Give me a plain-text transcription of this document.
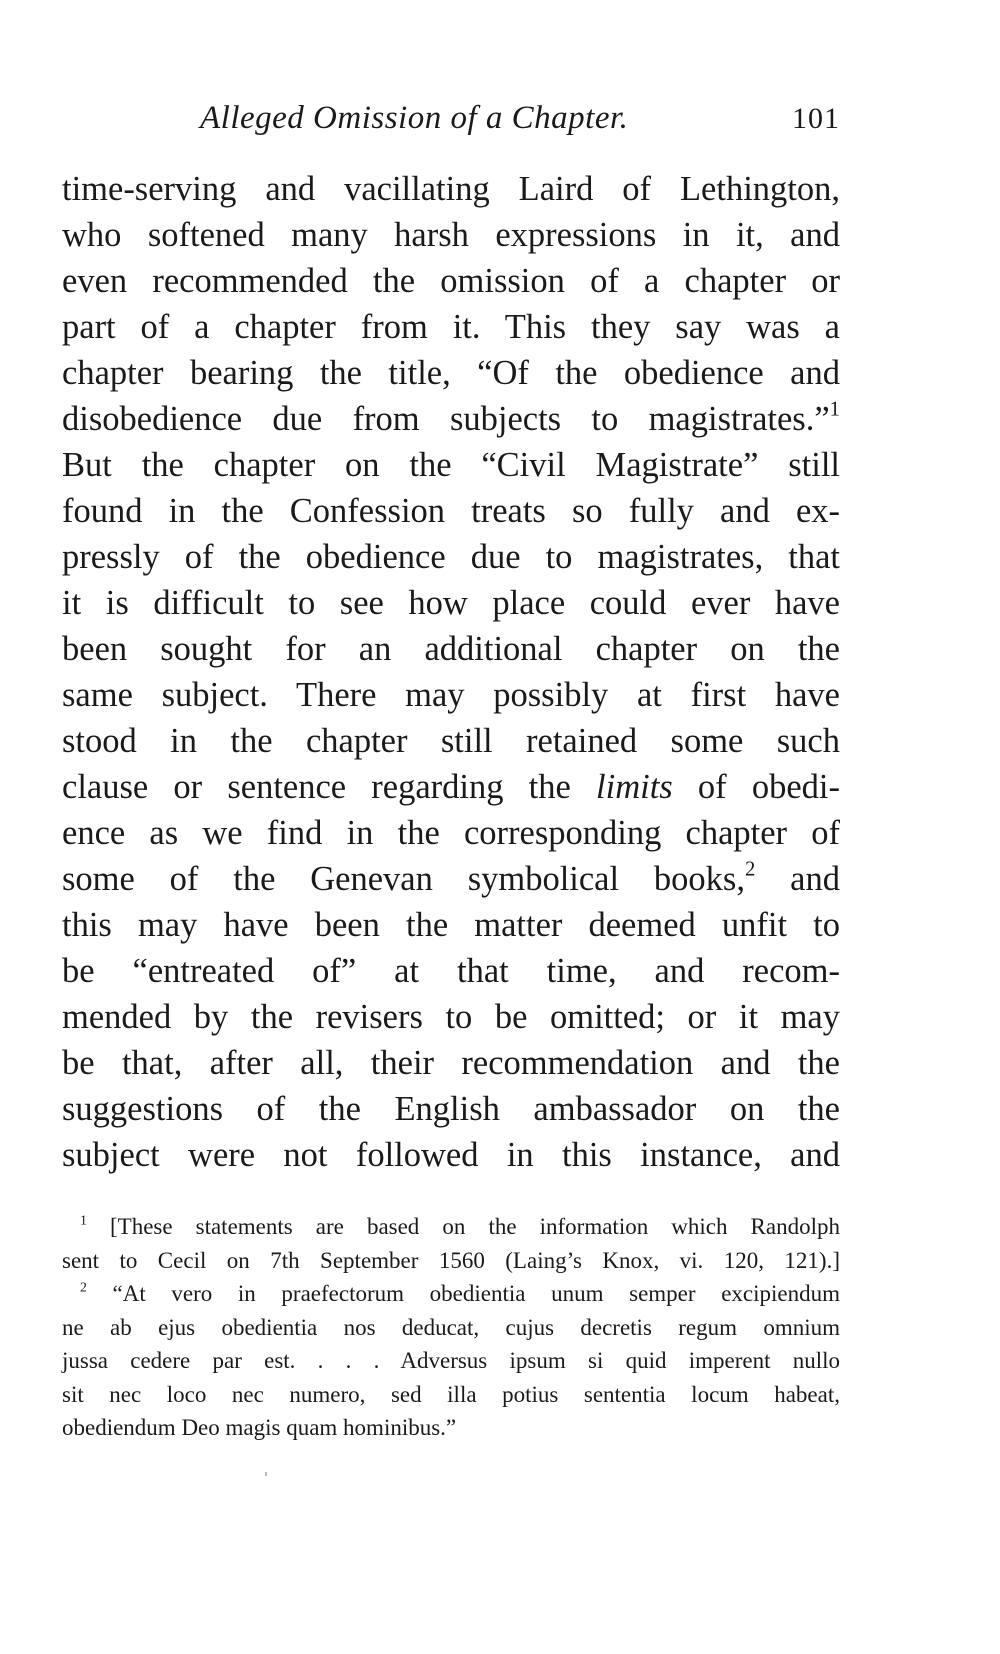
Alleged Omission of a Chapter.	101
time-serving and vacillating Laird of Lethington,
who softened many harsh expressions in it, and
even recommended the omission of a chapter or
part of a chapter from it. This they say was a
chapter bearing the title, “Of the obedience and
disobedience due from subjects to magistrates.”$^1$
But the chapter on the “Civil Magistrate” still
found in the Confession treats so fully and ex-
pressly of the obedience due to magistrates, that
it is difficult to see how place could ever have
been sought for an additional chapter on the
same subject. There may possibly at first have
stood in the chapter still retained some such
clause or sentence regarding the limits of obedi-
ence as we find in the corresponding chapter of
some of the Genevan symbolical books,$^2$ and
this may have been the matter deemed unfit to
be “entreated of” at that time, and recom-
mended by the revisers to be omitted; or it may
be that, after all, their recommendation and the
suggestions of the English ambassador on the
subject were not followed in this instance, and
$^1$ [These statements are based on the information which Randolph
sent to Cecil on 7th September 1560 (Laing’s Knox, vi. 120, 121).]
$^2$ “At vero in praefectorum obedientia unum semper excipiendum
ne ab ejus obedientia nos deducat, cujus decretis regum omnium
jussa cedere par est. . . . Adversus ipsum si quid imperent nullo
sit nec loco nec numero, sed illa potius sententia locum habeat,
obediendum Deo magis quam hominibus.”
